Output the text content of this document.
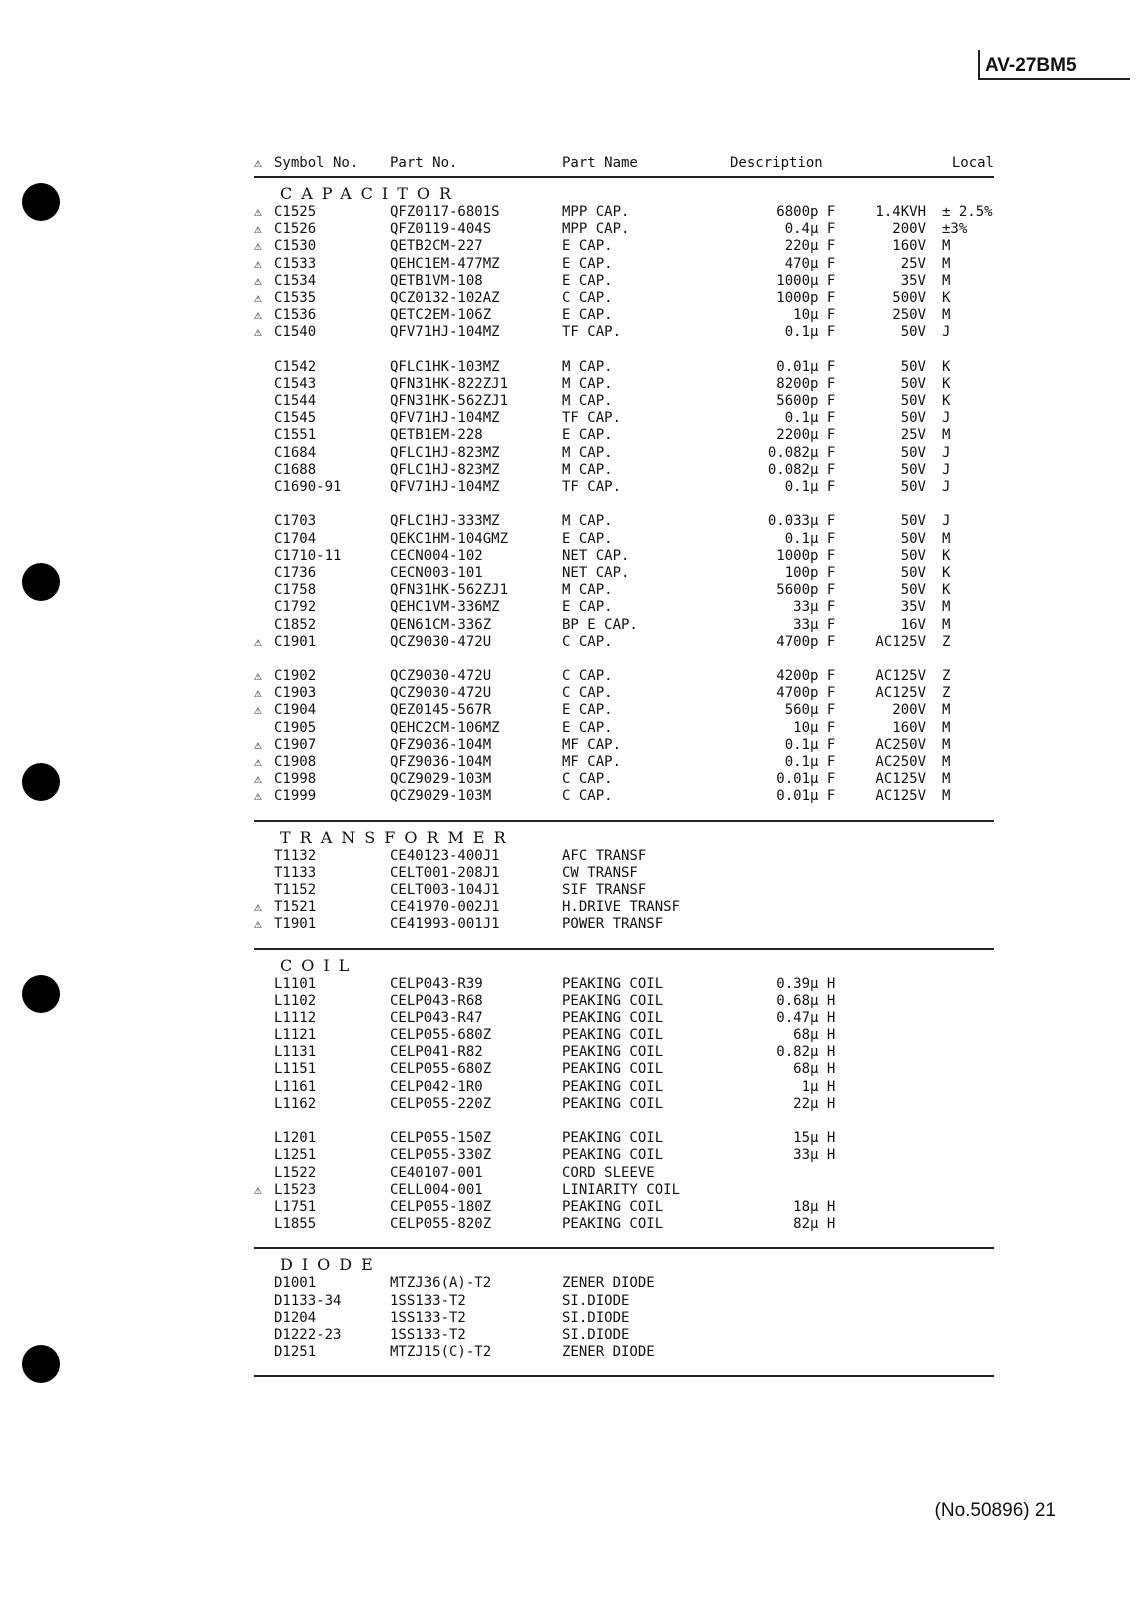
AV-27BM5
⚠ Symbol No.	Part No.	Part Name	Description	Local
CAPACITOR
⚠ C1525	QFZ0117-6801S	MPP CAP.	6800 p F	1.4KVH	± 2.5%
⚠ C1526	QFZ0119-404S	MPP CAP.	0.4 µ F	200V	±3%
⚠ C1530	QETB2CM-227	E CAP.	220 µ F	160V	M
⚠ C1533	QEHC1EM-477MZ	E CAP.	470 µ F	25V	M
⚠ C1534	QETB1VM-108	E CAP.	1000 µ F	35V	M
⚠ C1535	QCZ0132-102AZ	C CAP.	1000 p F	500V	K
⚠ C1536	QETC2EM-106Z	E CAP.	10 µ F	250V	M
⚠ C1540	QFV71HJ-104MZ	TF CAP.	0.1 µ F	50V	J
C1542	QFLC1HK-103MZ	M CAP.	0.01 µ F	50V	K
C1543	QFN31HK-822ZJ1	M CAP.	8200 p F	50V	K
C1544	QFN31HK-562ZJ1	M CAP.	5600 p F	50V	K
C1545	QFV71HJ-104MZ	TF CAP.	0.1 µ F	50V	J
C1551	QETB1EM-228	E CAP.	2200 µ F	25V	M
C1684	QFLC1HJ-823MZ	M CAP.	0.082 µ F	50V	J
C1688	QFLC1HJ-823MZ	M CAP.	0.082 µ F	50V	J
C1690-91	QFV71HJ-104MZ	TF CAP.	0.1 µ F	50V	J
C1703	QFLC1HJ-333MZ	M CAP.	0.033 µ F	50V	J
C1704	QEKC1HM-104GMZ	E CAP.	0.1 µ F	50V	M
C1710-11	CECN004-102	NET CAP.	1000 p F	50V	K
C1736	CECN003-101	NET CAP.	100 p F	50V	K
C1758	QFN31HK-562ZJ1	M CAP.	5600 p F	50V	K
C1792	QEHC1VM-336MZ	E CAP.	33 µ F	35V	M
C1852	QEN61CM-336Z	BP E CAP.	33 µ F	16V	M
⚠ C1901	QCZ9030-472U	C CAP.	4700 p F	AC125V	Z
⚠ C1902	QCZ9030-472U	C CAP.	4200 p F	AC125V	Z
⚠ C1903	QCZ9030-472U	C CAP.	4700 p F	AC125V	Z
⚠ C1904	QEZ0145-567R	E CAP.	560 µ F	200V	M
C1905	QEHC2CM-106MZ	E CAP.	10 µ F	160V	M
⚠ C1907	QFZ9036-104M	MF CAP.	0.1 µ F	AC250V	M
⚠ C1908	QFZ9036-104M	MF CAP.	0.1 µ F	AC250V	M
⚠ C1998	QCZ9029-103M	C CAP.	0.01 µ F	AC125V	M
⚠ C1999	QCZ9029-103M	C CAP.	0.01 µ F	AC125V	M
TRANSFORMER
T1132	CE40123-400J1	AFC TRANSF
T1133	CELT001-208J1	CW TRANSF
T1152	CELT003-104J1	SIF TRANSF
⚠ T1521	CE41970-002J1	H.DRIVE TRANSF
⚠ T1901	CE41993-001J1	POWER TRANSF
COIL
L1101	CELP043-R39	PEAKING COIL	0.39 µ H
L1102	CELP043-R68	PEAKING COIL	0.68 µ H
L1112	CELP043-R47	PEAKING COIL	0.47 µ H
L1121	CELP055-680Z	PEAKING COIL	68 µ H
L1131	CELP041-R82	PEAKING COIL	0.82 µ H
L1151	CELP055-680Z	PEAKING COIL	68 µ H
L1161	CELP042-1R0	PEAKING COIL	1 µ H
L1162	CELP055-220Z	PEAKING COIL	22 µ H
L1201	CELP055-150Z	PEAKING COIL	15 µ H
L1251	CELP055-330Z	PEAKING COIL	33 µ H
L1522	CE40107-001	CORD SLEEVE
⚠ L1523	CELL004-001	LINIARITY COIL
L1751	CELP055-180Z	PEAKING COIL	18 µ H
L1855	CELP055-820Z	PEAKING COIL	82 µ H
DIODE
D1001	MTZJ36(A)-T2	ZENER DIODE
D1133-34	1SS133-T2	SI.DIODE
D1204	1SS133-T2	SI.DIODE
D1222-23	1SS133-T2	SI.DIODE
D1251	MTZJ15(C)-T2	ZENER DIODE
(No.50896) 21
